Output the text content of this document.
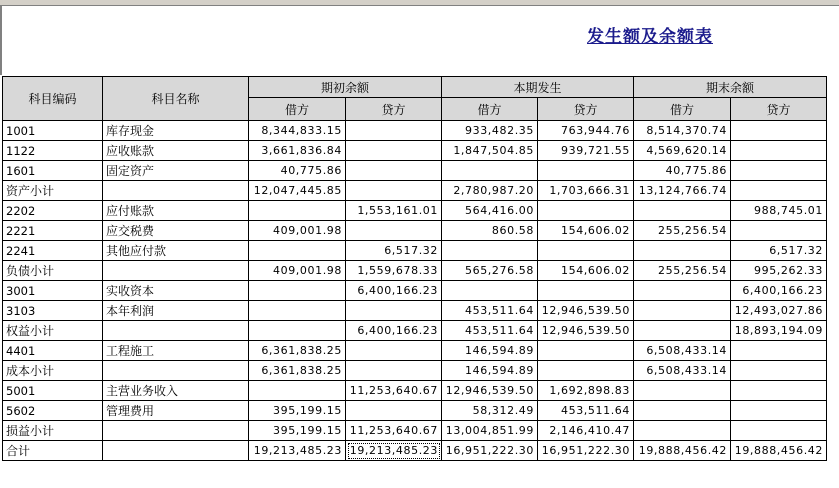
发生额及余额表
科目编码	科目名称	期初余额		本期发生		期末余额	
		借方	贷方	借方	贷方	借方	贷方
1001	库存现金	8,344,833.15		933,482.35	763,944.76	8,514,370.74	
1122	应收账款	3,661,836.84		1,847,504.85	939,721.55	4,569,620.14	
1601	固定资产	40,775.86				40,775.86	
资产小计		12,047,445.85		2,780,987.20	1,703,666.31	13,124,766.74	
2202	应付账款		1,553,161.01	564,416.00			988,745.01
2221	应交税费	409,001.98		860.58	154,606.02	255,256.54	
2241	其他应付款		6,517.32				6,517.32
负债小计		409,001.98	1,559,678.33	565,276.58	154,606.02	255,256.54	995,262.33
3001	实收资本		6,400,166.23				6,400,166.23
3103	本年利润			453,511.64	12,946,539.50		12,493,027.86
权益小计			6,400,166.23	453,511.64	12,946,539.50		18,893,194.09
4401	工程施工	6,361,838.25		146,594.89		6,508,433.14	
成本小计		6,361,838.25		146,594.89		6,508,433.14	
5001	主营业务收入		11,253,640.67	12,946,539.50	1,692,898.83		
5602	管理费用	395,199.15		58,312.49	453,511.64		
损益小计		395,199.15	11,253,640.67	13,004,851.99	2,146,410.47		
合计		19,213,485.23	19,213,485.23	16,951,222.30	16,951,222.30	19,888,456.42	19,888,456.42
